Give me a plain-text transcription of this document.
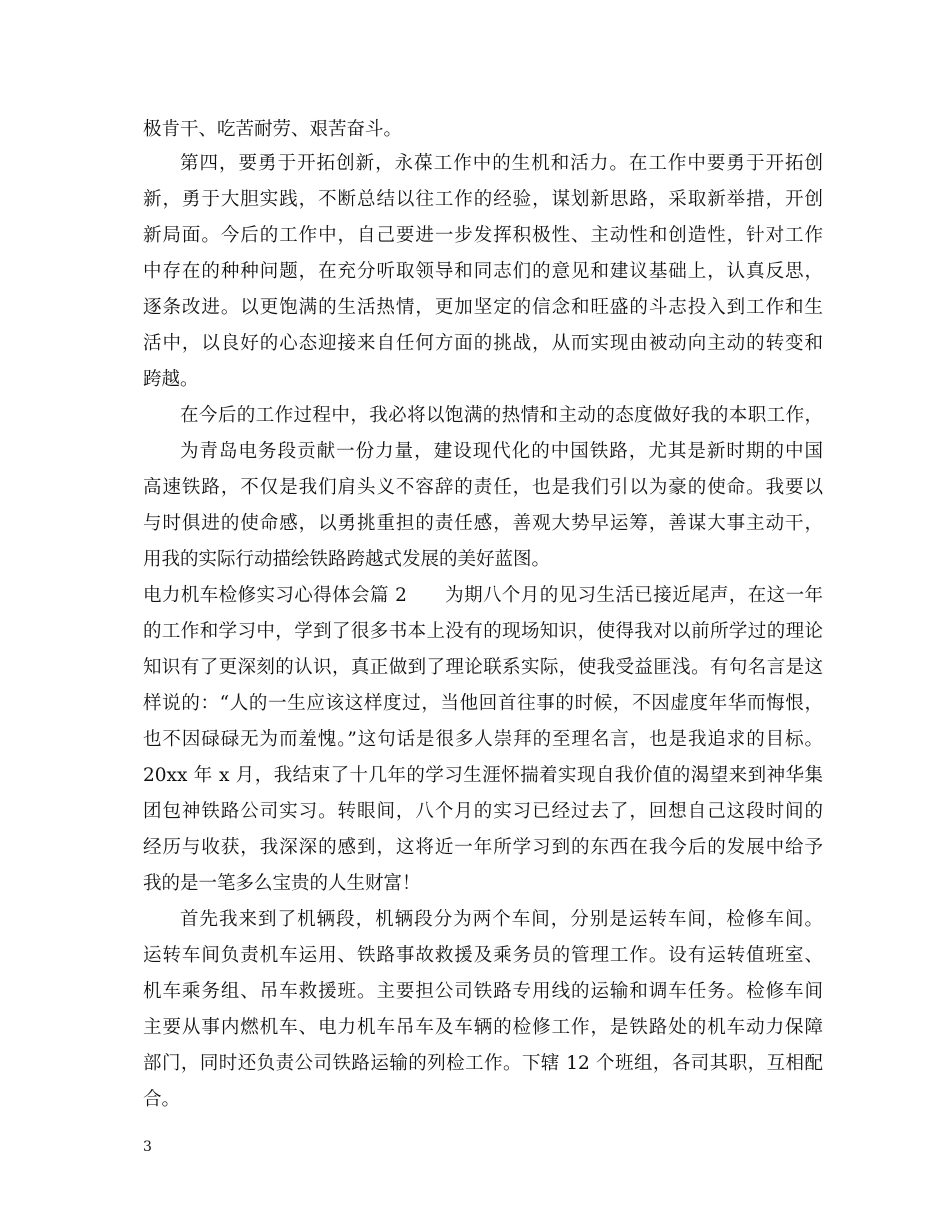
极肯干、吃苦耐劳、艰苦奋斗。
第四，要勇于开拓创新，永葆工作中的生机和活力。在工作中要勇于开拓创
新，勇于大胆实践，不断总结以往工作的经验，谋划新思路，采取新举措，开创
新局面。今后的工作中，自己要进一步发挥积极性、主动性和创造性，针对工作
中存在的种种问题，在充分听取领导和同志们的意见和建议基础上，认真反思，
逐条改进。以更饱满的生活热情，更加坚定的信念和旺盛的斗志投入到工作和生
活中，以良好的心态迎接来自任何方面的挑战，从而实现由被动向主动的转变和
跨越。
在今后的工作过程中，我必将以饱满的热情和主动的态度做好我的本职工作，
为青岛电务段贡献一份力量，建设现代化的中国铁路，尤其是新时期的中国
高速铁路，不仅是我们肩头义不容辞的责任，也是我们引以为豪的使命。我要以
与时俱进的使命感，以勇挑重担的责任感，善观大势早运筹，善谋大事主动干，
用我的实际行动描绘铁路跨越式发展的美好蓝图。
电力机车检修实习心得体会篇 2　　为期八个月的见习生活已接近尾声，在这一年
的工作和学习中，学到了很多书本上没有的现场知识，使得我对以前所学过的理论
知识有了更深刻的认识，真正做到了理论联系实际，使我受益匪浅。有句名言是这
样说的：“人的一生应该这样度过，当他回首往事的时候，不因虚度年华而悔恨，
也不因碌碌无为而羞愧。”这句话是很多人崇拜的至理名言，也是我追求的目标。
20xx 年 x 月，我结束了十几年的学习生涯怀揣着实现自我价值的渴望来到神华集
团包神铁路公司实习。转眼间，八个月的实习已经过去了，回想自己这段时间的
经历与收获，我深深的感到，这将近一年所学习到的东西在我今后的发展中给予
我的是一笔多么宝贵的人生财富！
首先我来到了机辆段，机辆段分为两个车间，分别是运转车间，检修车间。
运转车间负责机车运用、铁路事故救援及乘务员的管理工作。设有运转值班室、
机车乘务组、吊车救援班。主要担公司铁路专用线的运输和调车任务。检修车间
主要从事内燃机车、电力机车吊车及车辆的检修工作，是铁路处的机车动力保障
部门，同时还负责公司铁路运输的列检工作。下辖 12 个班组，各司其职，互相配
合。
3
